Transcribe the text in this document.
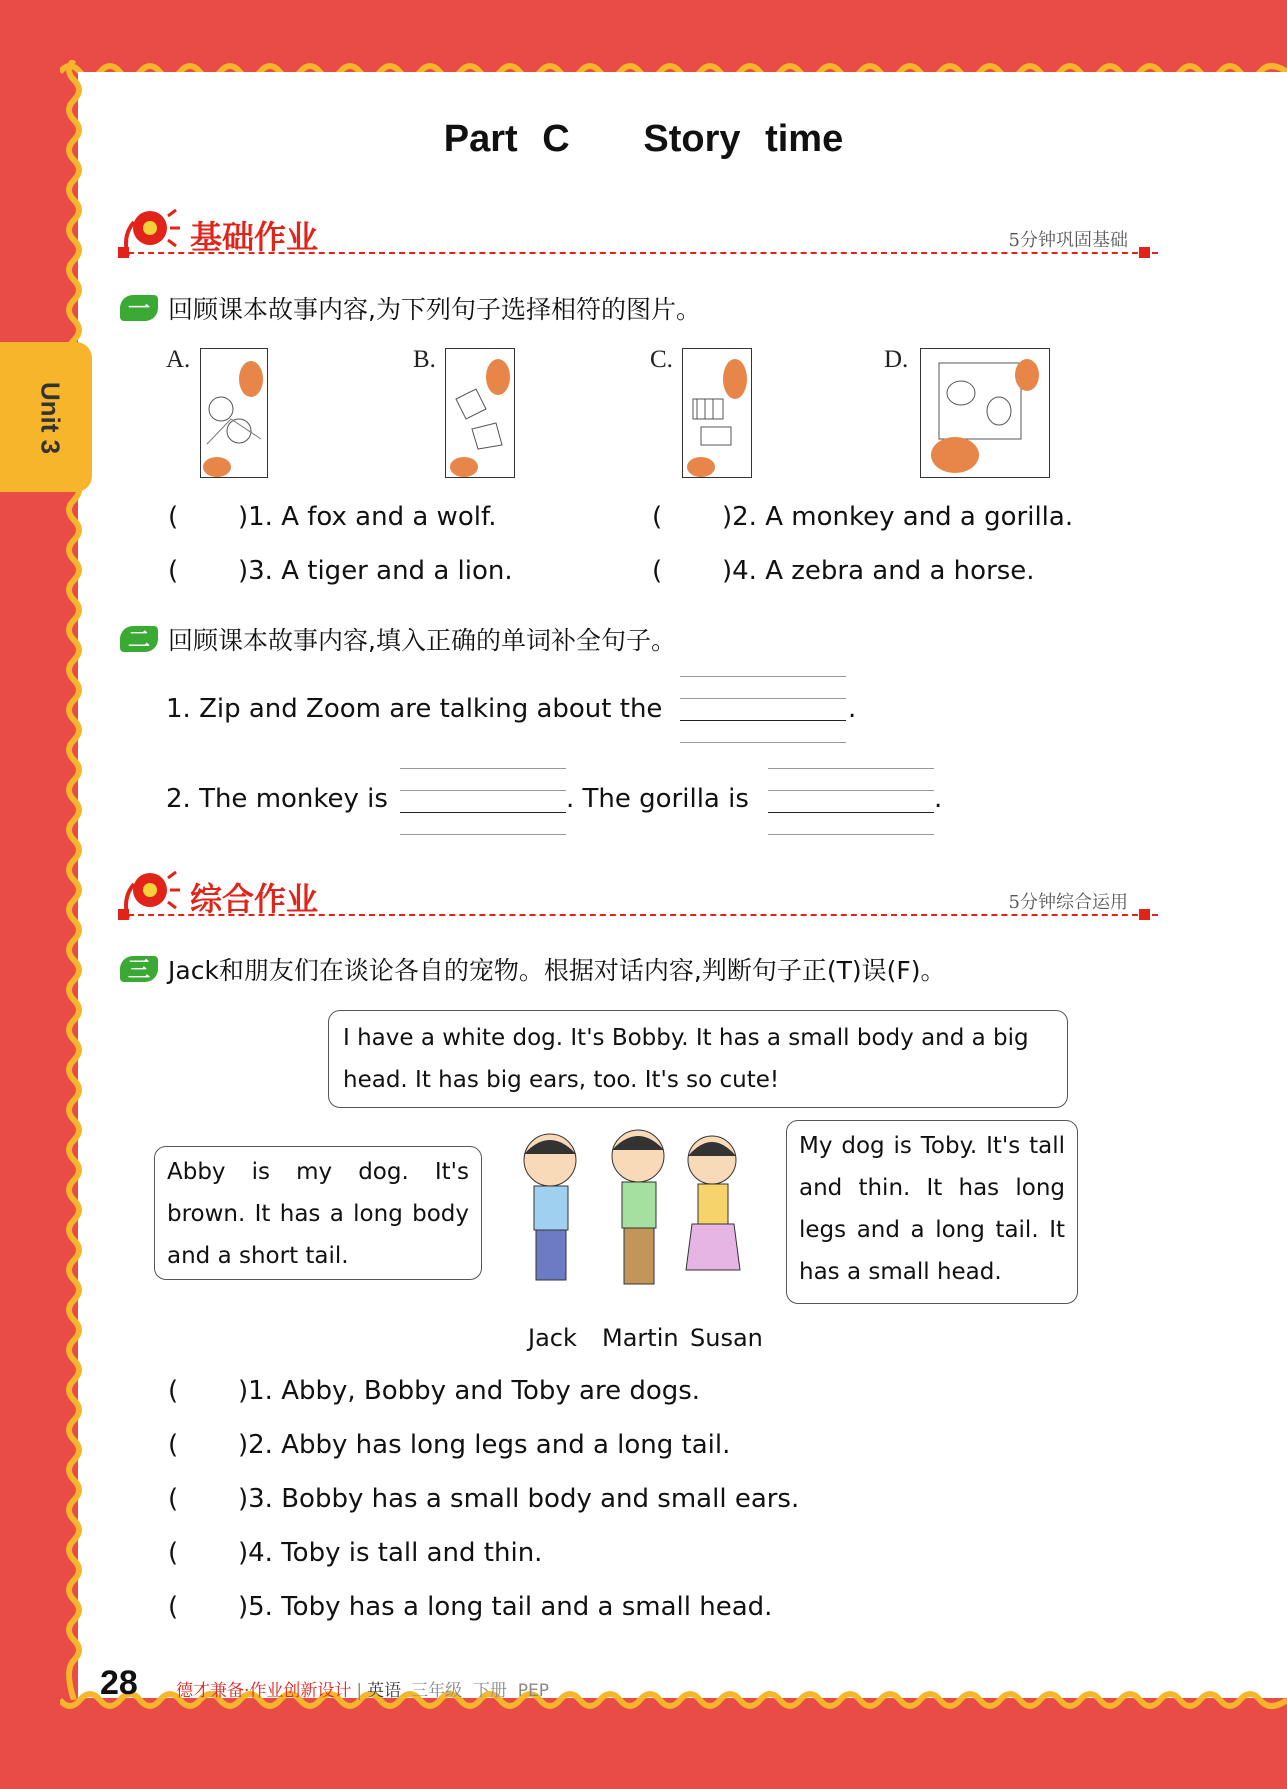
Unit 3
Part C   Story time
基础作业	5分钟巩固基础
一 回顾课本故事内容,为下列句子选择相符的图片。
A.	B.	C.	D.
( )1. A fox and a wolf.	( )2. A monkey and a gorilla.
( )3. A tiger and a lion.	( )4. A zebra and a horse.
二 回顾课本故事内容,填入正确的单词补全句子。
1. Zip and Zoom are talking about the	.
2. The monkey is	. The gorilla is	.
综合作业	5分钟综合运用
三 Jack和朋友们在谈论各自的宠物。根据对话内容,判断句子正(T)误(F)。
I have a white dog. It's Bobby. It has a small body and a big head. It has big ears, too. It's so cute!
Abby is my dog. It's brown. It has a long body and a short tail.
My dog is Toby. It's tall and thin. It has long legs and a long tail. It has a small head.
Jack Martin Susan
( )1. Abby, Bobby and Toby are dogs.
( )2. Abby has long legs and a long tail.
( )3. Bobby has a small body and small ears.
( )4. Toby is tall and thin.
( )5. Toby has a long tail and a small head.
28 德才兼备·作业创新设计 | 英语 三年级  下册  PEP
